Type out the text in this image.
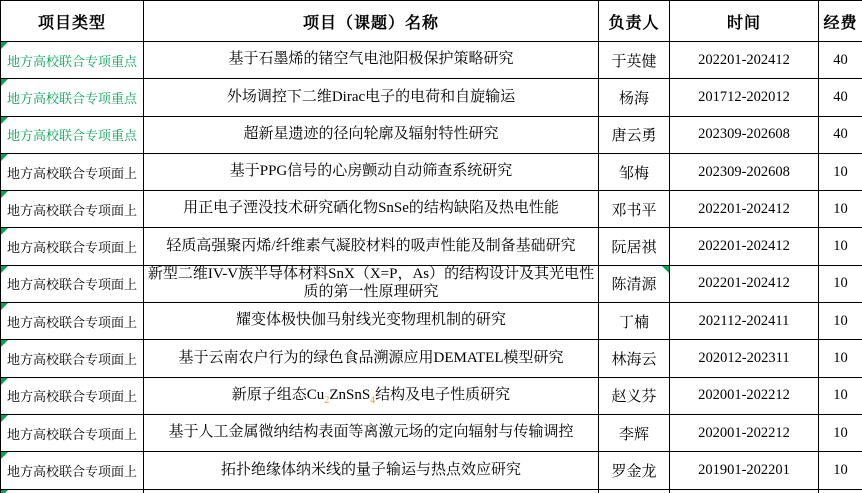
项目类型	项目（课题）名称	负责人	时间	经费
地方高校联合专项重点	基于石墨烯的锗空气电池阳极保护策略研究	于英健	202201-202412	40
地方高校联合专项重点	外场调控下二维Dirac电子的电荷和自旋输运	杨海	201712-202012	40
地方高校联合专项重点	超新星遗迹的径向轮廓及辐射特性研究	唐云勇	202309-202608	40
地方高校联合专项面上	基于PPG信号的心房颤动自动筛查系统研究	邹梅	202309-202608	10
地方高校联合专项面上	用正电子湮没技术研究硒化物SnSe的结构缺陷及热电性能	邓书平	202201-202412	10
地方高校联合专项面上	轻质高强聚丙烯/纤维素气凝胶材料的吸声性能及制备基础研究	阮居祺	202201-202412	10
地方高校联合专项面上	新型二维IV-V族半导体材料SnX（X=P，As）的结构设计及其光电性质的第一性原理研究	陈清源	202201-202412	10
地方高校联合专项面上	耀变体极快伽马射线光变物理机制的研究	丁楠	202112-202411	10
地方高校联合专项面上	基于云南农户行为的绿色食品溯源应用DEMATEL模型研究	林海云	202012-202311	10
地方高校联合专项面上	新原子组态$Cu_2ZnSnS_4$结构及电子性质研究	赵义芬	202001-202212	10
地方高校联合专项面上	基于人工金属微纳结构表面等离激元场的定向辐射与传输调控	李辉	202001-202212	10
地方高校联合专项面上	拓扑绝缘体纳米线的量子输运与热点效应研究	罗金龙	201901-202201	10
